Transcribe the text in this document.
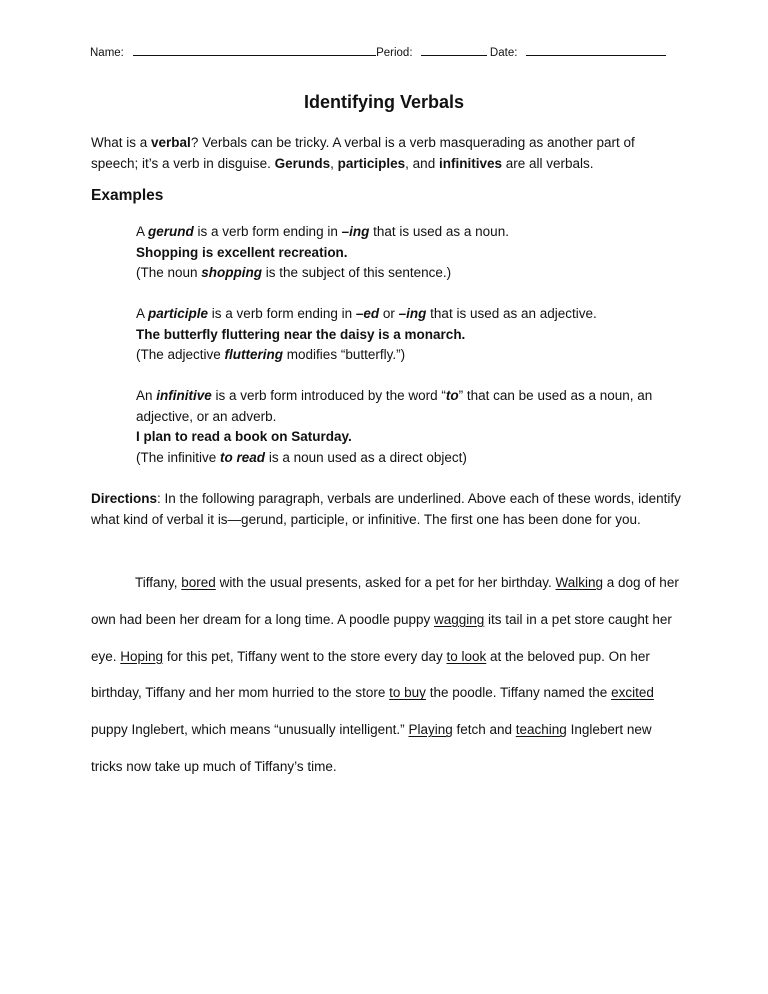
Name:	Period:	Date:
Identifying Verbals
What is a verbal? Verbals can be tricky. A verbal is a verb masquerading as another part of speech; it’s a verb in disguise. Gerunds, participles, and infinitives are all verbals.
Examples
A gerund is a verb form ending in –ing that is used as a noun.
Shopping is excellent recreation.
(The noun shopping is the subject of this sentence.)
A participle is a verb form ending in –ed or –ing that is used as an adjective.
The butterfly fluttering near the daisy is a monarch.
(The adjective fluttering modifies “butterfly.”)
An infinitive is a verb form introduced by the word “to” that can be used as a noun, an adjective, or an adverb.
I plan to read a book on Saturday.
(The infinitive to read is a noun used as a direct object)
Directions: In the following paragraph, verbals are underlined. Above each of these words, identify what kind of verbal it is—gerund, participle, or infinitive. The first one has been done for you.
Tiffany, bored with the usual presents, asked for a pet for her birthday. Walking a dog of her own had been her dream for a long time. A poodle puppy wagging its tail in a pet store caught her eye. Hoping for this pet, Tiffany went to the store every day to look at the beloved pup. On her birthday, Tiffany and her mom hurried to the store to buy the poodle. Tiffany named the excited puppy Inglebert, which means “unusually intelligent.” Playing fetch and teaching Inglebert new tricks now take up much of Tiffany’s time.
